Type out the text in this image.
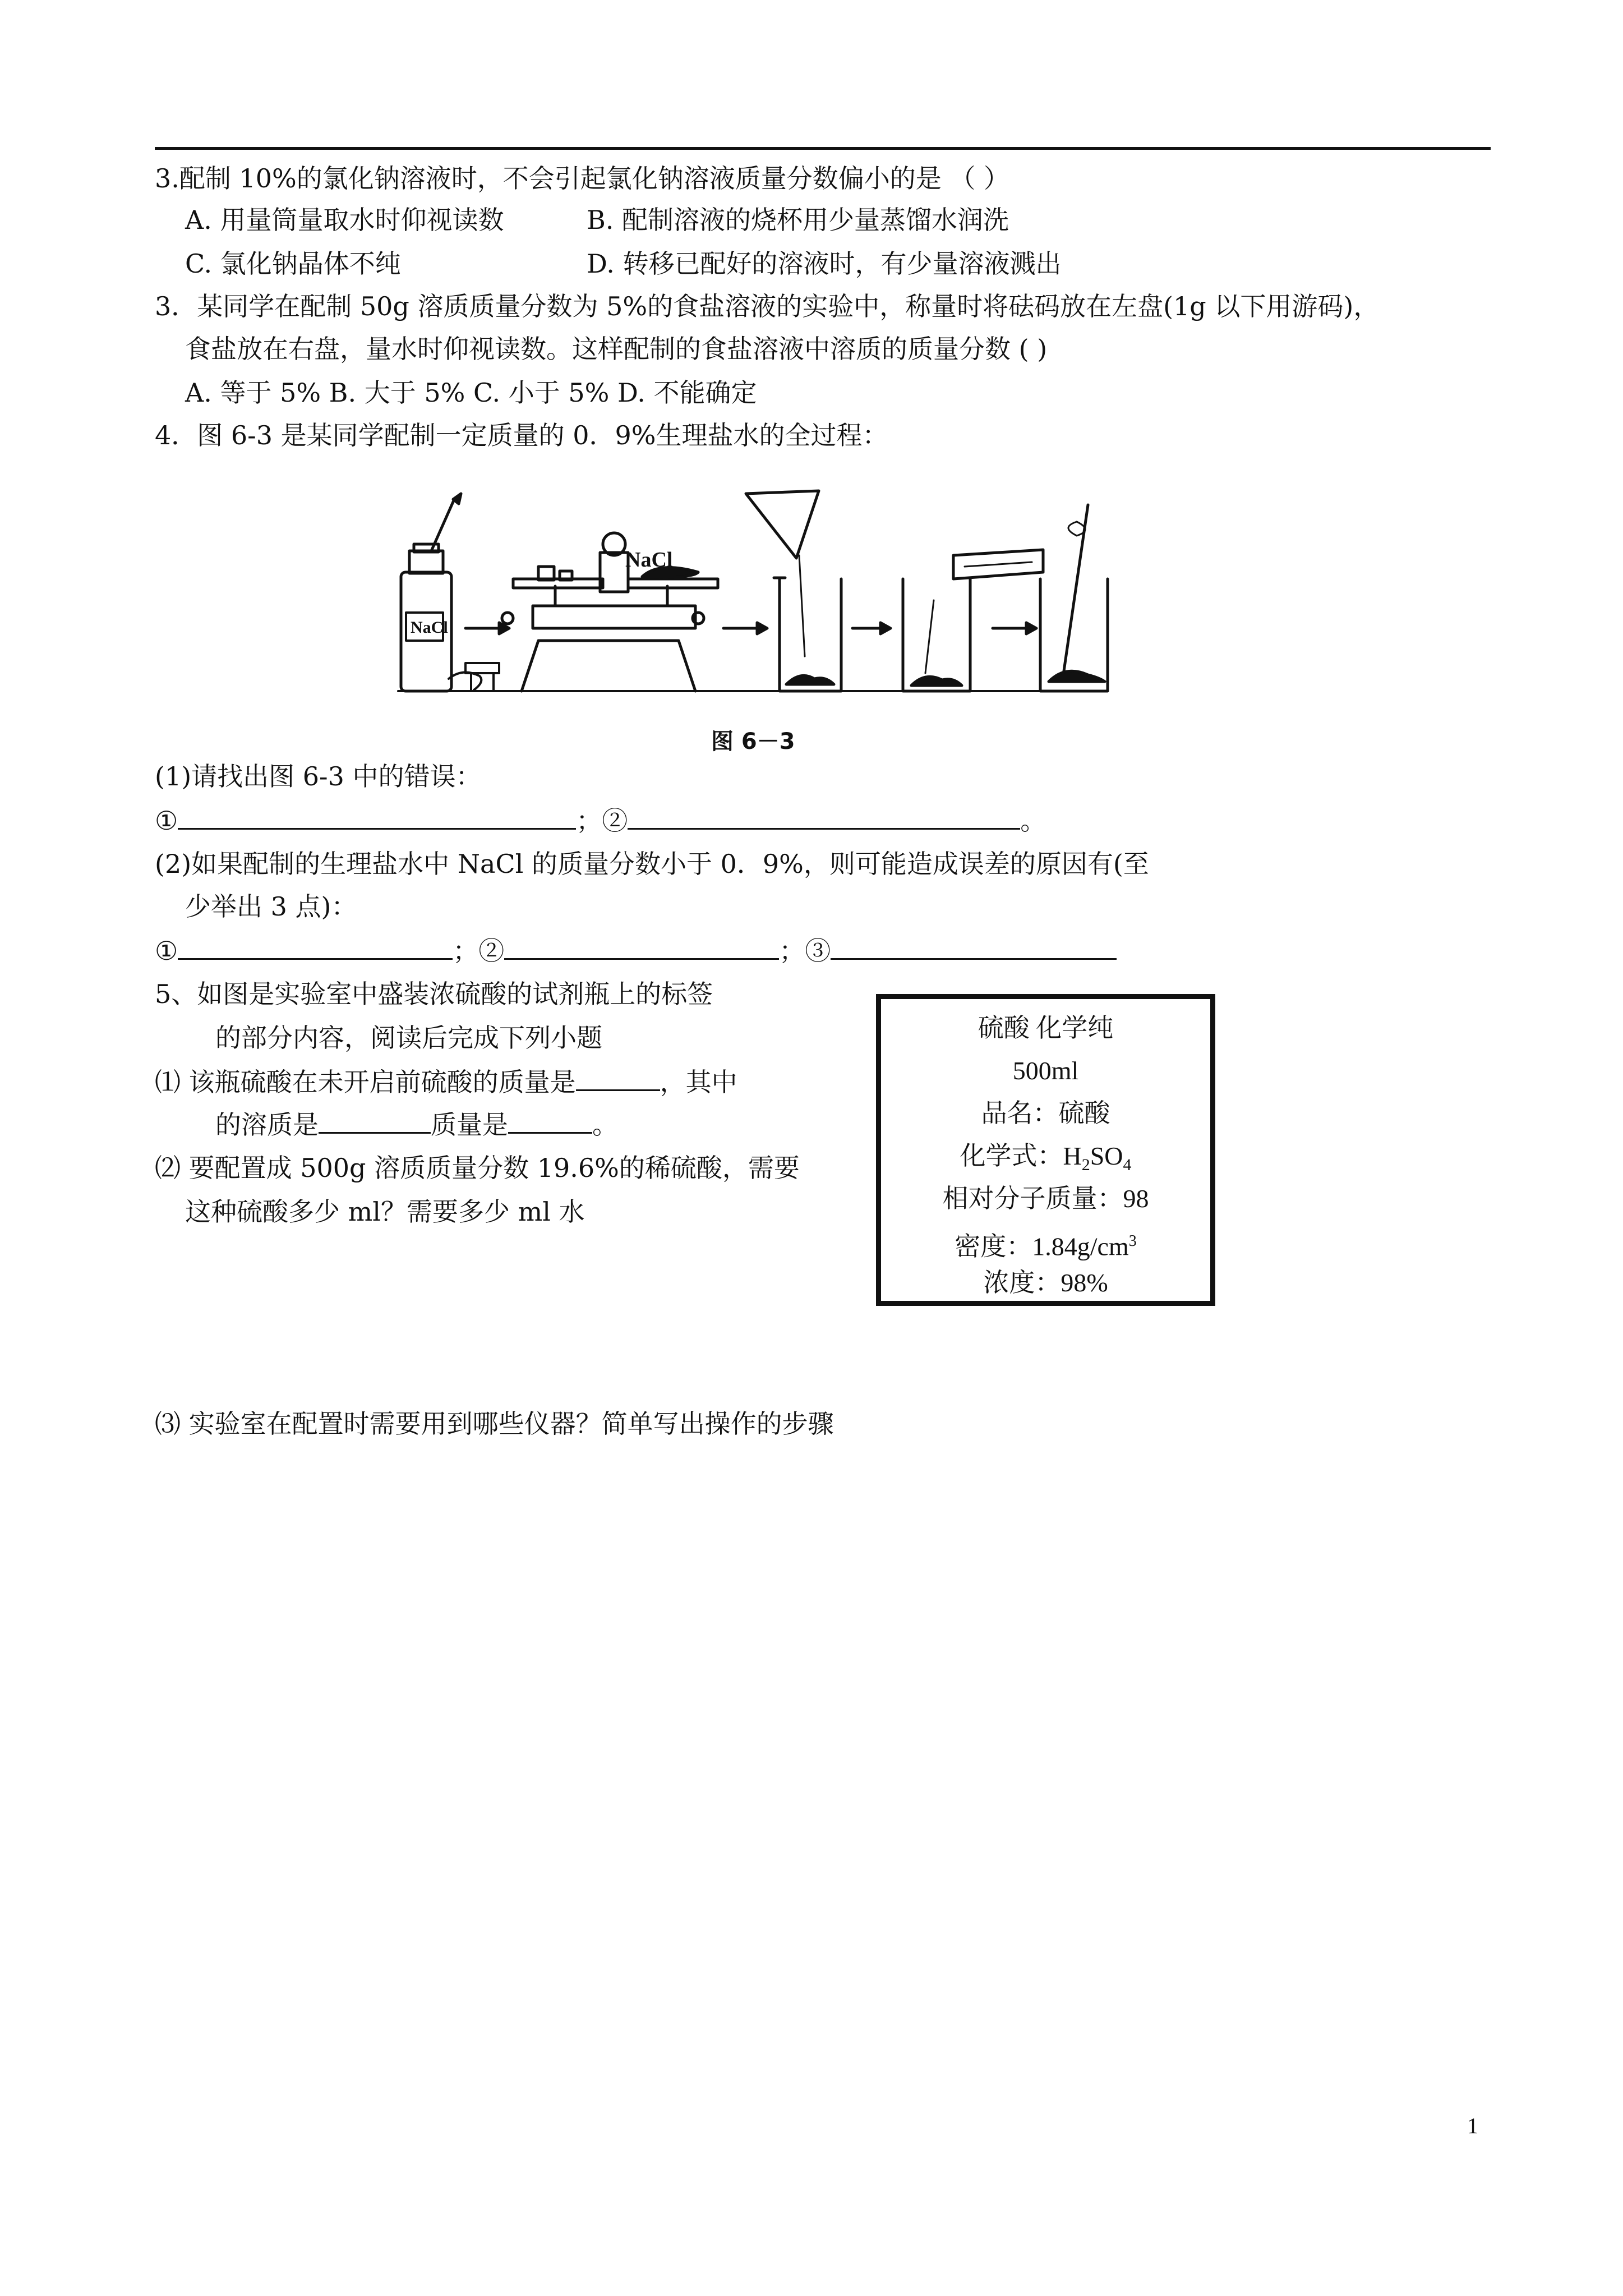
3.配制 10%的氯化钠溶液时，不会引起氯化钠溶液质量分数偏小的是 （ ）
A. 用量筒量取水时仰视读数	B. 配制溶液的烧杯用少量蒸馏水润洗
C. 氯化钠晶体不纯	D. 转移已配好的溶液时，有少量溶液溅出
3．某同学在配制 50g 溶质质量分数为 5%的食盐溶液的实验中，称量时将砝码放在左盘(1g 以下用游码)，
食盐放在右盘，量水时仰视读数。这样配制的食盐溶液中溶质的质量分数 ( )
A. 等于 5% B. 大于 5% C. 小于 5% D. 不能确定
4．图 6-3 是某同学配制一定质量的 0．9%生理盐水的全过程：
NaCl
NaCl
图 6－3
(1)请找出图 6-3 中的错误：
①	；②	。
(2)如果配制的生理盐水中 NaCl 的质量分数小于 0．9%，则可能造成误差的原因有(至
少举出 3 点)：
①	；②	；③
5、如图是实验室中盛装浓硫酸的试剂瓶上的标签
的部分内容，阅读后完成下列小题
⑴ 该瓶硫酸在未开启前硫酸的质量是	，其中
的溶质是	质量是	。
⑵ 要配置成 500g 溶质质量分数 19.6%的稀硫酸，需要
这种硫酸多少 ml？需要多少 ml 水
硫酸 化学纯
500ml
品名：硫酸
化学式：$H_2SO_4$
相对分子质量：98
密度：$1.84g/cm^3$
浓度：98%
⑶ 实验室在配置时需要用到哪些仪器？简单写出操作的步骤
1
